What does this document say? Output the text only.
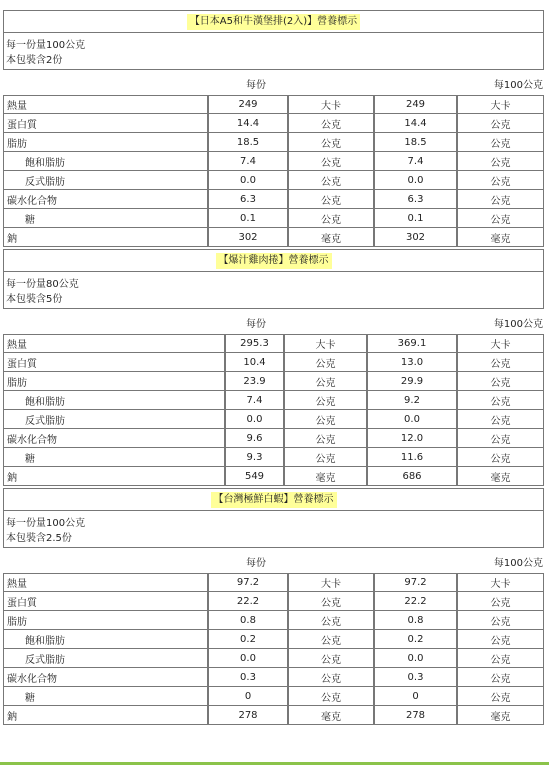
【日本A5和牛漢堡排(2入)】營養標示
每一份量100公克
本包裝含2份
每份	每100公克
熱量	249	大卡	249	大卡
蛋白質	14.4	公克	14.4	公克
脂肪	18.5	公克	18.5	公克
飽和脂肪	7.4	公克	7.4	公克
反式脂肪	0.0	公克	0.0	公克
碳水化合物	6.3	公克	6.3	公克
糖	0.1	公克	0.1	公克
鈉	302	毫克	302	毫克
【爆汁雞肉捲】營養標示
每一份量80公克
本包裝含5份
每份	每100公克
熱量	295.3	大卡	369.1	大卡
蛋白質	10.4	公克	13.0	公克
脂肪	23.9	公克	29.9	公克
飽和脂肪	7.4	公克	9.2	公克
反式脂肪	0.0	公克	0.0	公克
碳水化合物	9.6	公克	12.0	公克
糖	9.3	公克	11.6	公克
鈉	549	毫克	686	毫克
【台灣極鮮白蝦】營養標示
每一份量100公克
本包裝含2.5份
每份	每100公克
熱量	97.2	大卡	97.2	大卡
蛋白質	22.2	公克	22.2	公克
脂肪	0.8	公克	0.8	公克
飽和脂肪	0.2	公克	0.2	公克
反式脂肪	0.0	公克	0.0	公克
碳水化合物	0.3	公克	0.3	公克
糖	0	公克	0	公克
鈉	278	毫克	278	毫克
